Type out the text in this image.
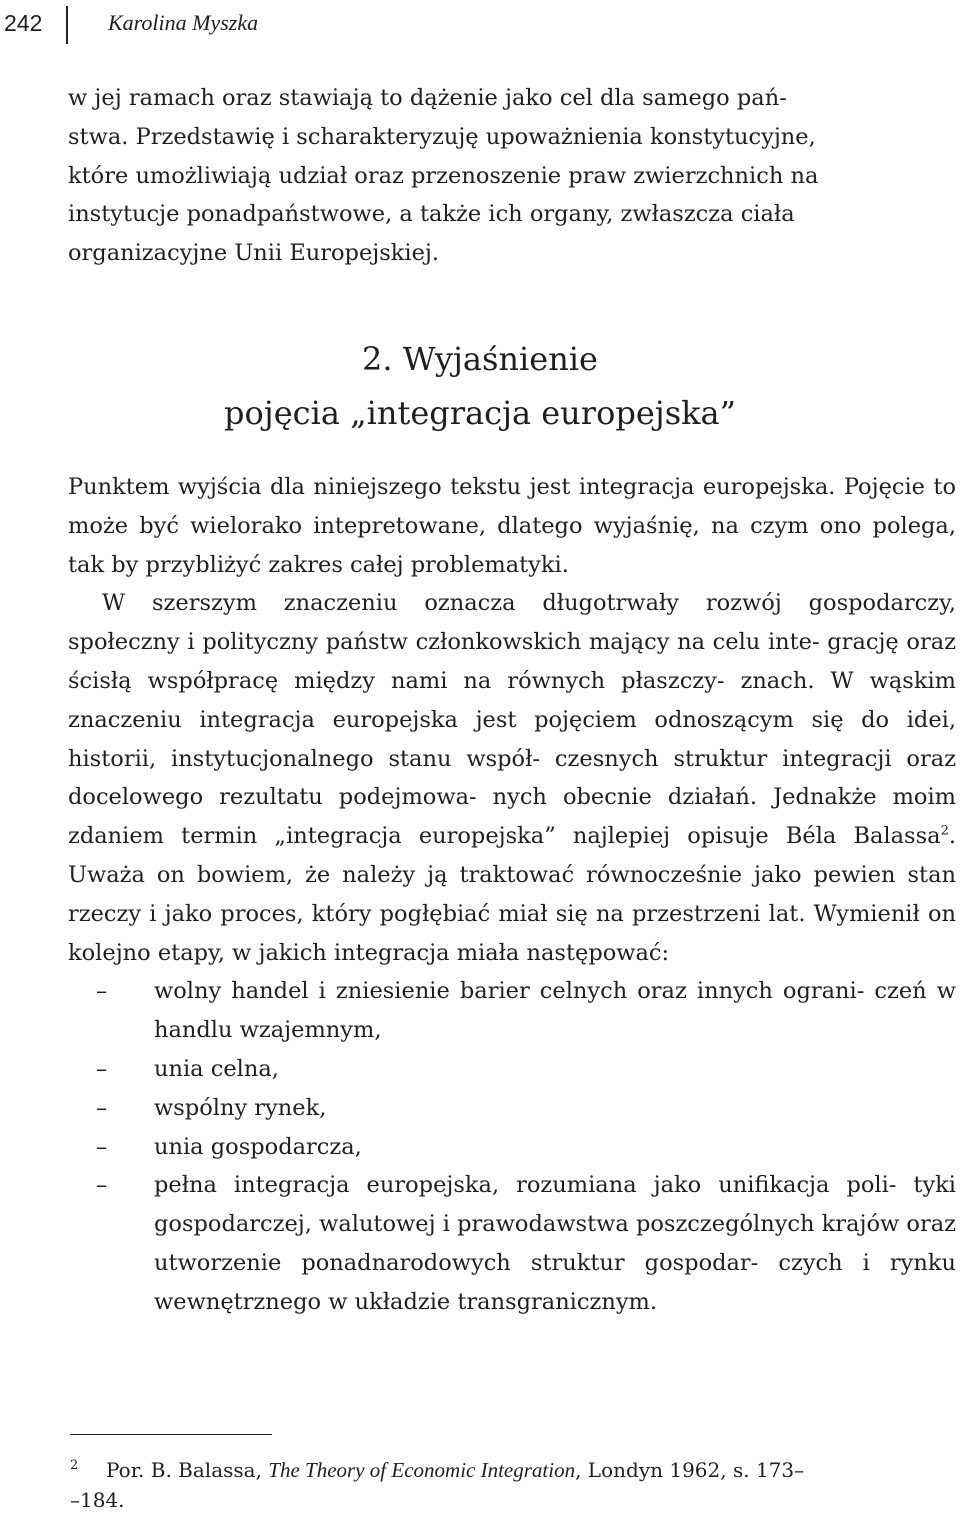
242	Karolina Myszka
w jej ramach oraz stawiają to dążenie jako cel dla samego pań-
stwa. Przedstawię i scharakteryzuję upoważnienia konstytucyjne,
które umożliwiają udział oraz przenoszenie praw zwierzchnich na
instytucje ponadpaństwowe, a także ich organy, zwłaszcza ciała
organizacyjne Unii Europejskiej.
2. Wyjaśnienie
pojęcia „integracja europejska”

Punktem wyjścia dla niniejszego tekstu jest integracja europejska. Pojęcie to może być wielorako intepretowane, dlatego wyjaśnię, na czym ono polega, tak by przybliżyć zakres całej problematyki.

W szerszym znaczeniu oznacza długotrwały rozwój gospodarczy, społeczny i polityczny państw członkowskich mający na celu inte- grację oraz ścisłą współpracę między nami na równych płaszczy- znach. W wąskim znaczeniu integracja europejska jest pojęciem odnoszącym się do idei, historii, instytucjonalnego stanu współ- czesnych struktur integracji oraz docelowego rezultatu podejmowa- nych obecnie działań. Jednakże moim zdaniem termin „integracja europejska” najlepiej opisuje Béla Balassa$^2$. Uważa on bowiem, że należy ją traktować równocześnie jako pewien stan rzeczy i jako proces, który pogłębiać miał się na przestrzeni lat. Wymienił on kolejno etapy, w jakich integracja miała następować:

– wolny handel i zniesienie barier celnych oraz innych ograni- czeń w handlu wzajemnym,
– unia celna,
– wspólny rynek,
– unia gospodarcza,
– pełna integracja europejska, rozumiana jako unifikacja poli- tyki gospodarczej, walutowej i prawodawstwa poszczególnych krajów oraz utworzenie ponadnarodowych struktur gospodar- czych i rynku wewnętrznego w układzie transgranicznym.
2 Por. B. Balassa, The Theory of Economic Integration, Londyn 1962, s. 173–
–184.
